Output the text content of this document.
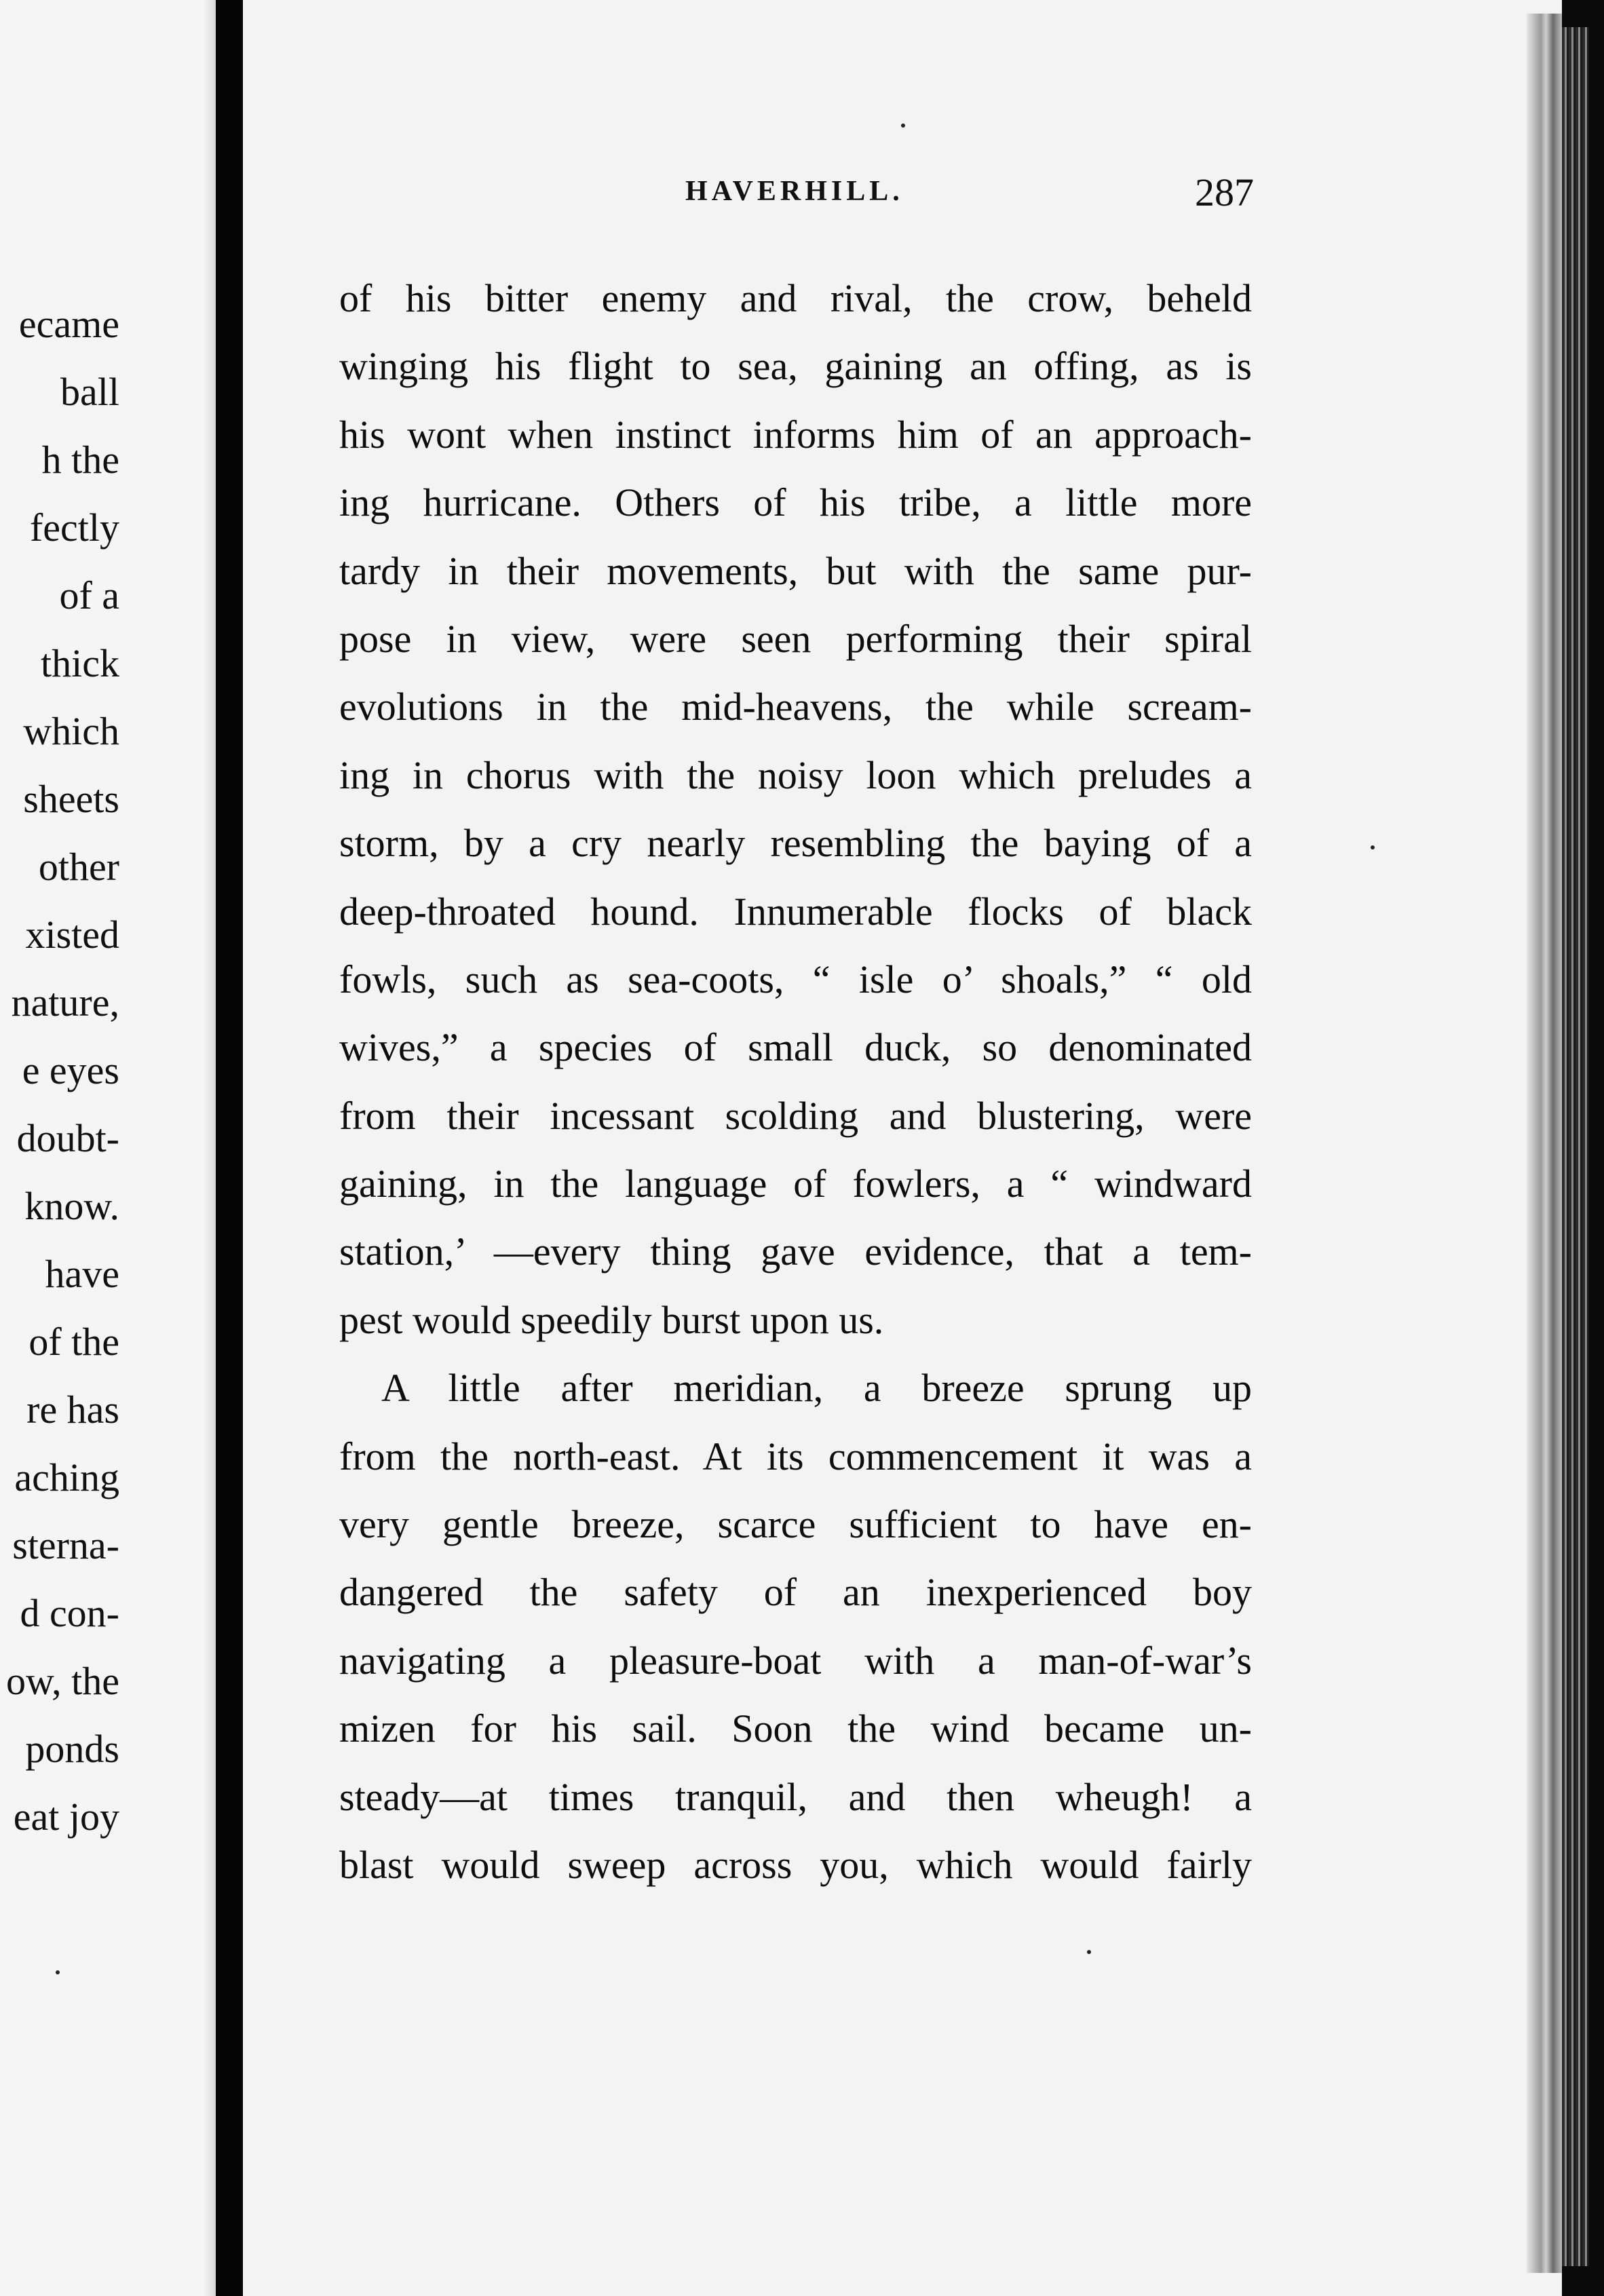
ecame
ball
h the
fectly
of a
thick
which
sheets
other
xisted
nature,
e eyes
doubt-
know.
have
of the
re has
aching
sterna-
d con-
ow, the
ponds
eat joy
HAVERHILL.	287
of his bitter enemy and rival, the crow, beheld
winging his flight to sea, gaining an offing, as is
his wont when instinct informs him of an approach-
ing hurricane. Others of his tribe, a little more
tardy in their movements, but with the same pur-
pose in view, were seen performing their spiral
evolutions in the mid-heavens, the while scream-
ing in chorus with the noisy loon which preludes a
storm, by a cry nearly resembling the baying of a
deep-throated hound. Innumerable flocks of black
fowls, such as sea-coots, “ isle o’ shoals,” “ old
wives,” a species of small duck, so denominated
from their incessant scolding and blustering, were
gaining, in the language of fowlers, a “ windward
station,’ —every thing gave evidence, that a tem-
pest would speedily burst upon us.
A little after meridian, a breeze sprung up
from the north-east. At its commencement it was a
very gentle breeze, scarce sufficient to have en-
dangered the safety of an inexperienced boy
navigating a pleasure-boat with a man-of-war’s
mizen for his sail. Soon the wind became un-
steady—at times tranquil, and then wheugh! a
blast would sweep across you, which would fairly
